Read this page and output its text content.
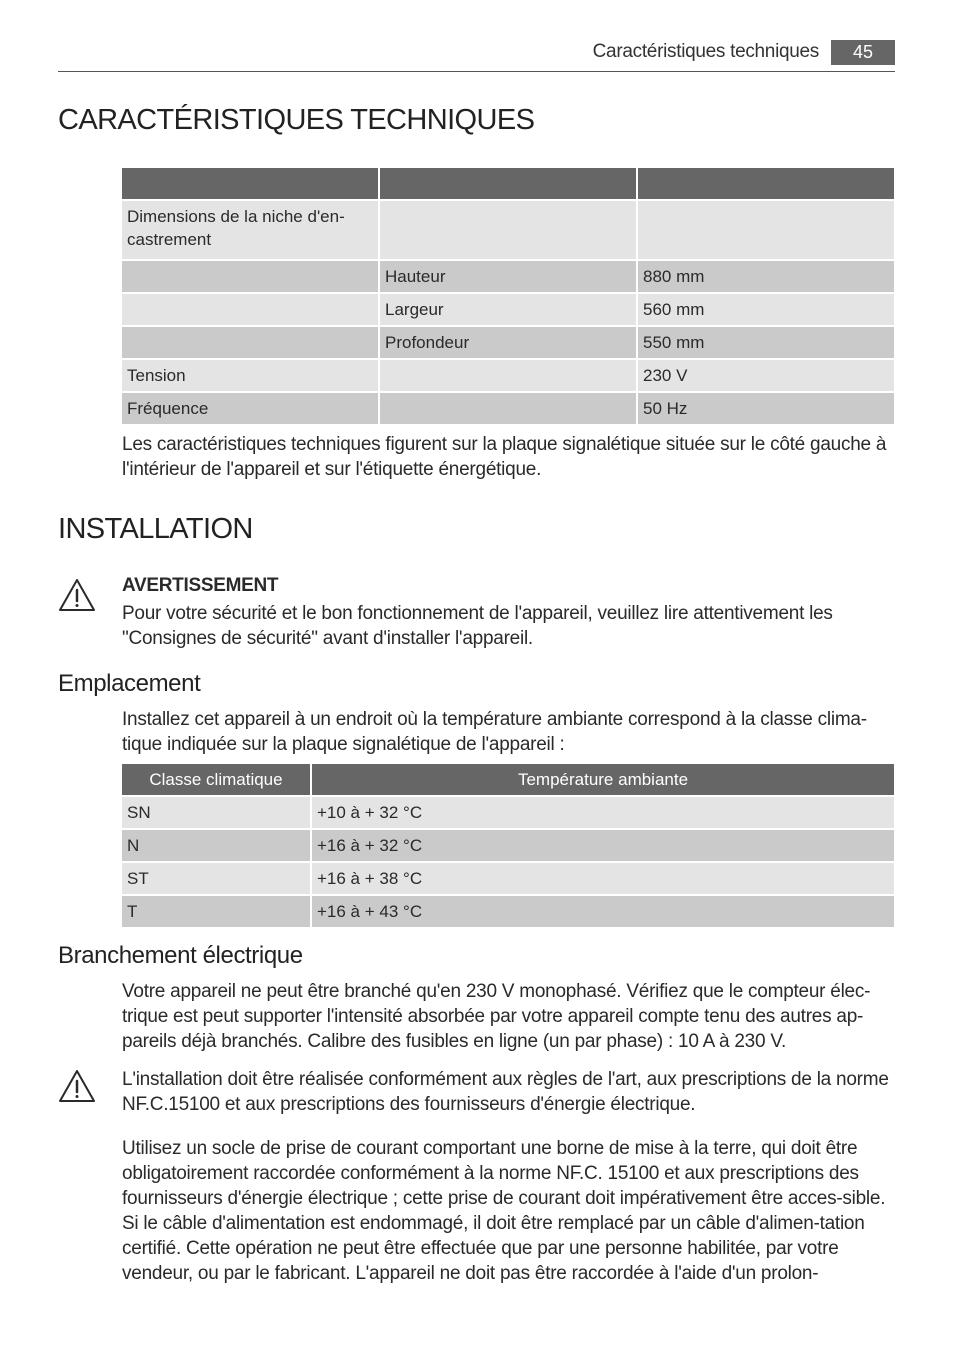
Caractéristiques techniques	45
CARACTÉRISTIQUES TECHNIQUES

Dimensions de la niche d'en-
castrement		
	Hauteur	880 mm
	Largeur	560 mm
	Profondeur	550 mm
Tension		230 V
Fréquence		50 Hz

Les caractéristiques techniques figurent sur la plaque signalétique située sur le côté gauche à l'intérieur de l'appareil et sur l'étiquette énergétique.

INSTALLATION

AVERTISSEMENT

Pour votre sécurité et le bon fonctionnement de l'appareil, veuillez lire attentivement les "Consignes de sécurité" avant d'installer l'appareil.

Emplacement

Installez cet appareil à un endroit où la température ambiante correspond à la classe clima-tique indiquée sur la plaque signalétique de l'appareil :

Classe climatique	Température ambiante
SN	+10 à + 32 °C
N	+16 à + 32 °C
ST	+16 à + 38 °C
T	+16 à + 43 °C
Branchement électrique

Votre appareil ne peut être branché qu'en 230 V monophasé. Vérifiez que le compteur élec-trique est peut supporter l'intensité absorbée par votre appareil compte tenu des autres ap-pareils déjà branchés. Calibre des fusibles en ligne (un par phase) : 10 A à 230 V.

L'installation doit être réalisée conformément aux règles de l'art, aux prescriptions de la norme NF.C.15100 et aux prescriptions des fournisseurs d'énergie électrique.

Utilisez un socle de prise de courant comportant une borne de mise à la terre, qui doit être obligatoirement raccordée conformément à la norme NF.C. 15100 et aux prescriptions des fournisseurs d'énergie électrique ; cette prise de courant doit impérativement être acces-sible. Si le câble d'alimentation est endommagé, il doit être remplacé par un câble d'alimen-tation certifié. Cette opération ne peut être effectuée que par une personne habilitée, par votre vendeur, ou par le fabricant. L'appareil ne doit pas être raccordée à l'aide d'un prolon-
